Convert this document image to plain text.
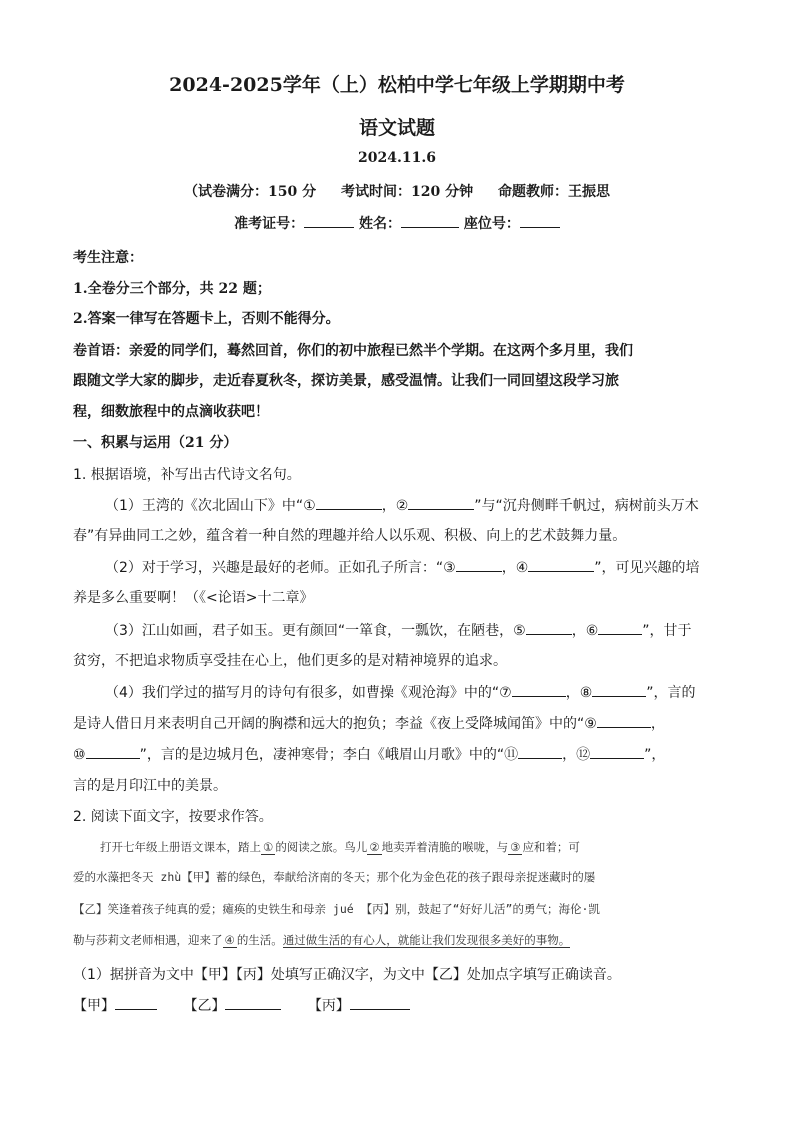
2024-2025学年（上）松柏中学七年级上学期期中考
语文试题
2024.11.6
（试卷满分：150 分 考试时间：120 分钟 命题教师：王振思
准考证号：	姓名：	座位号：
考生注意：
1.全卷分三个部分，共 22 题；
2.答案一律写在答题卡上，否则不能得分。
卷首语：亲爱的同学们，蓦然回首，你们的初中旅程已然半个学期。在这两个多月里，我们
跟随文学大家的脚步，走近春夏秋冬，探访美景，感受温情。让我们一同回望这段学习旅
程，细数旅程中的点滴收获吧！
一、积累与运用（21 分）
1. 根据语境，补写出古代诗文名句。
（1）王湾的《次北固山下》中“①	，②	”与“沉舟侧畔千帆过，病树前头万木
春”有异曲同工之妙，蕴含着一种自然的理趣并给人以乐观、积极、向上的艺术鼓舞力量。
（2）对于学习，兴趣是最好的老师。正如孔子所言：“③	，④	”，可见兴趣的培
养是多么重要啊！（《<论语>十二章》
（3）江山如画，君子如玉。更有颜回“一箪食，一瓢饮，在陋巷，⑤	，⑥	”，甘于
贫穷，不把追求物质享受挂在心上，他们更多的是对精神境界的追求。
（4）我们学过的描写月的诗句有很多，如曹操《观沧海》中的“⑦	，⑧	”，言的
是诗人借日月来表明自己开阔的胸襟和远大的抱负；李益《夜上受降城闻笛》中的“⑨	，
⑩	”，言的是边城月色，凄神寒骨；李白《峨眉山月歌》中的“⑪	，⑫	”，
言的是月印江中的美景。
2. 阅读下面文字，按要求作答。
打开七年级上册语文课本，踏上 ① 的阅读之旅。鸟儿 ② 地卖弄着清脆的喉咙，与 ③ 应和着；可
爱的水藻把冬天 zhù【甲】蓄的绿色，奉献给济南的冬天；那个化为金色花的孩子跟母亲捉迷藏时的屡
【乙】笑逢着孩子纯真的爱；瘫痪的史铁生和母亲 jué 【丙】别，鼓起了“好好儿活”的勇气；海伦·凯
勒与莎莉文老师相遇，迎来了 ④ 的生活。通过做生活的有心人，就能让我们发现很多美好的事物。
（1）据拼音为文中【甲】【丙】处填写正确汉字，为文中【乙】处加点字填写正确读音。
【甲】	【乙】	【丙】
